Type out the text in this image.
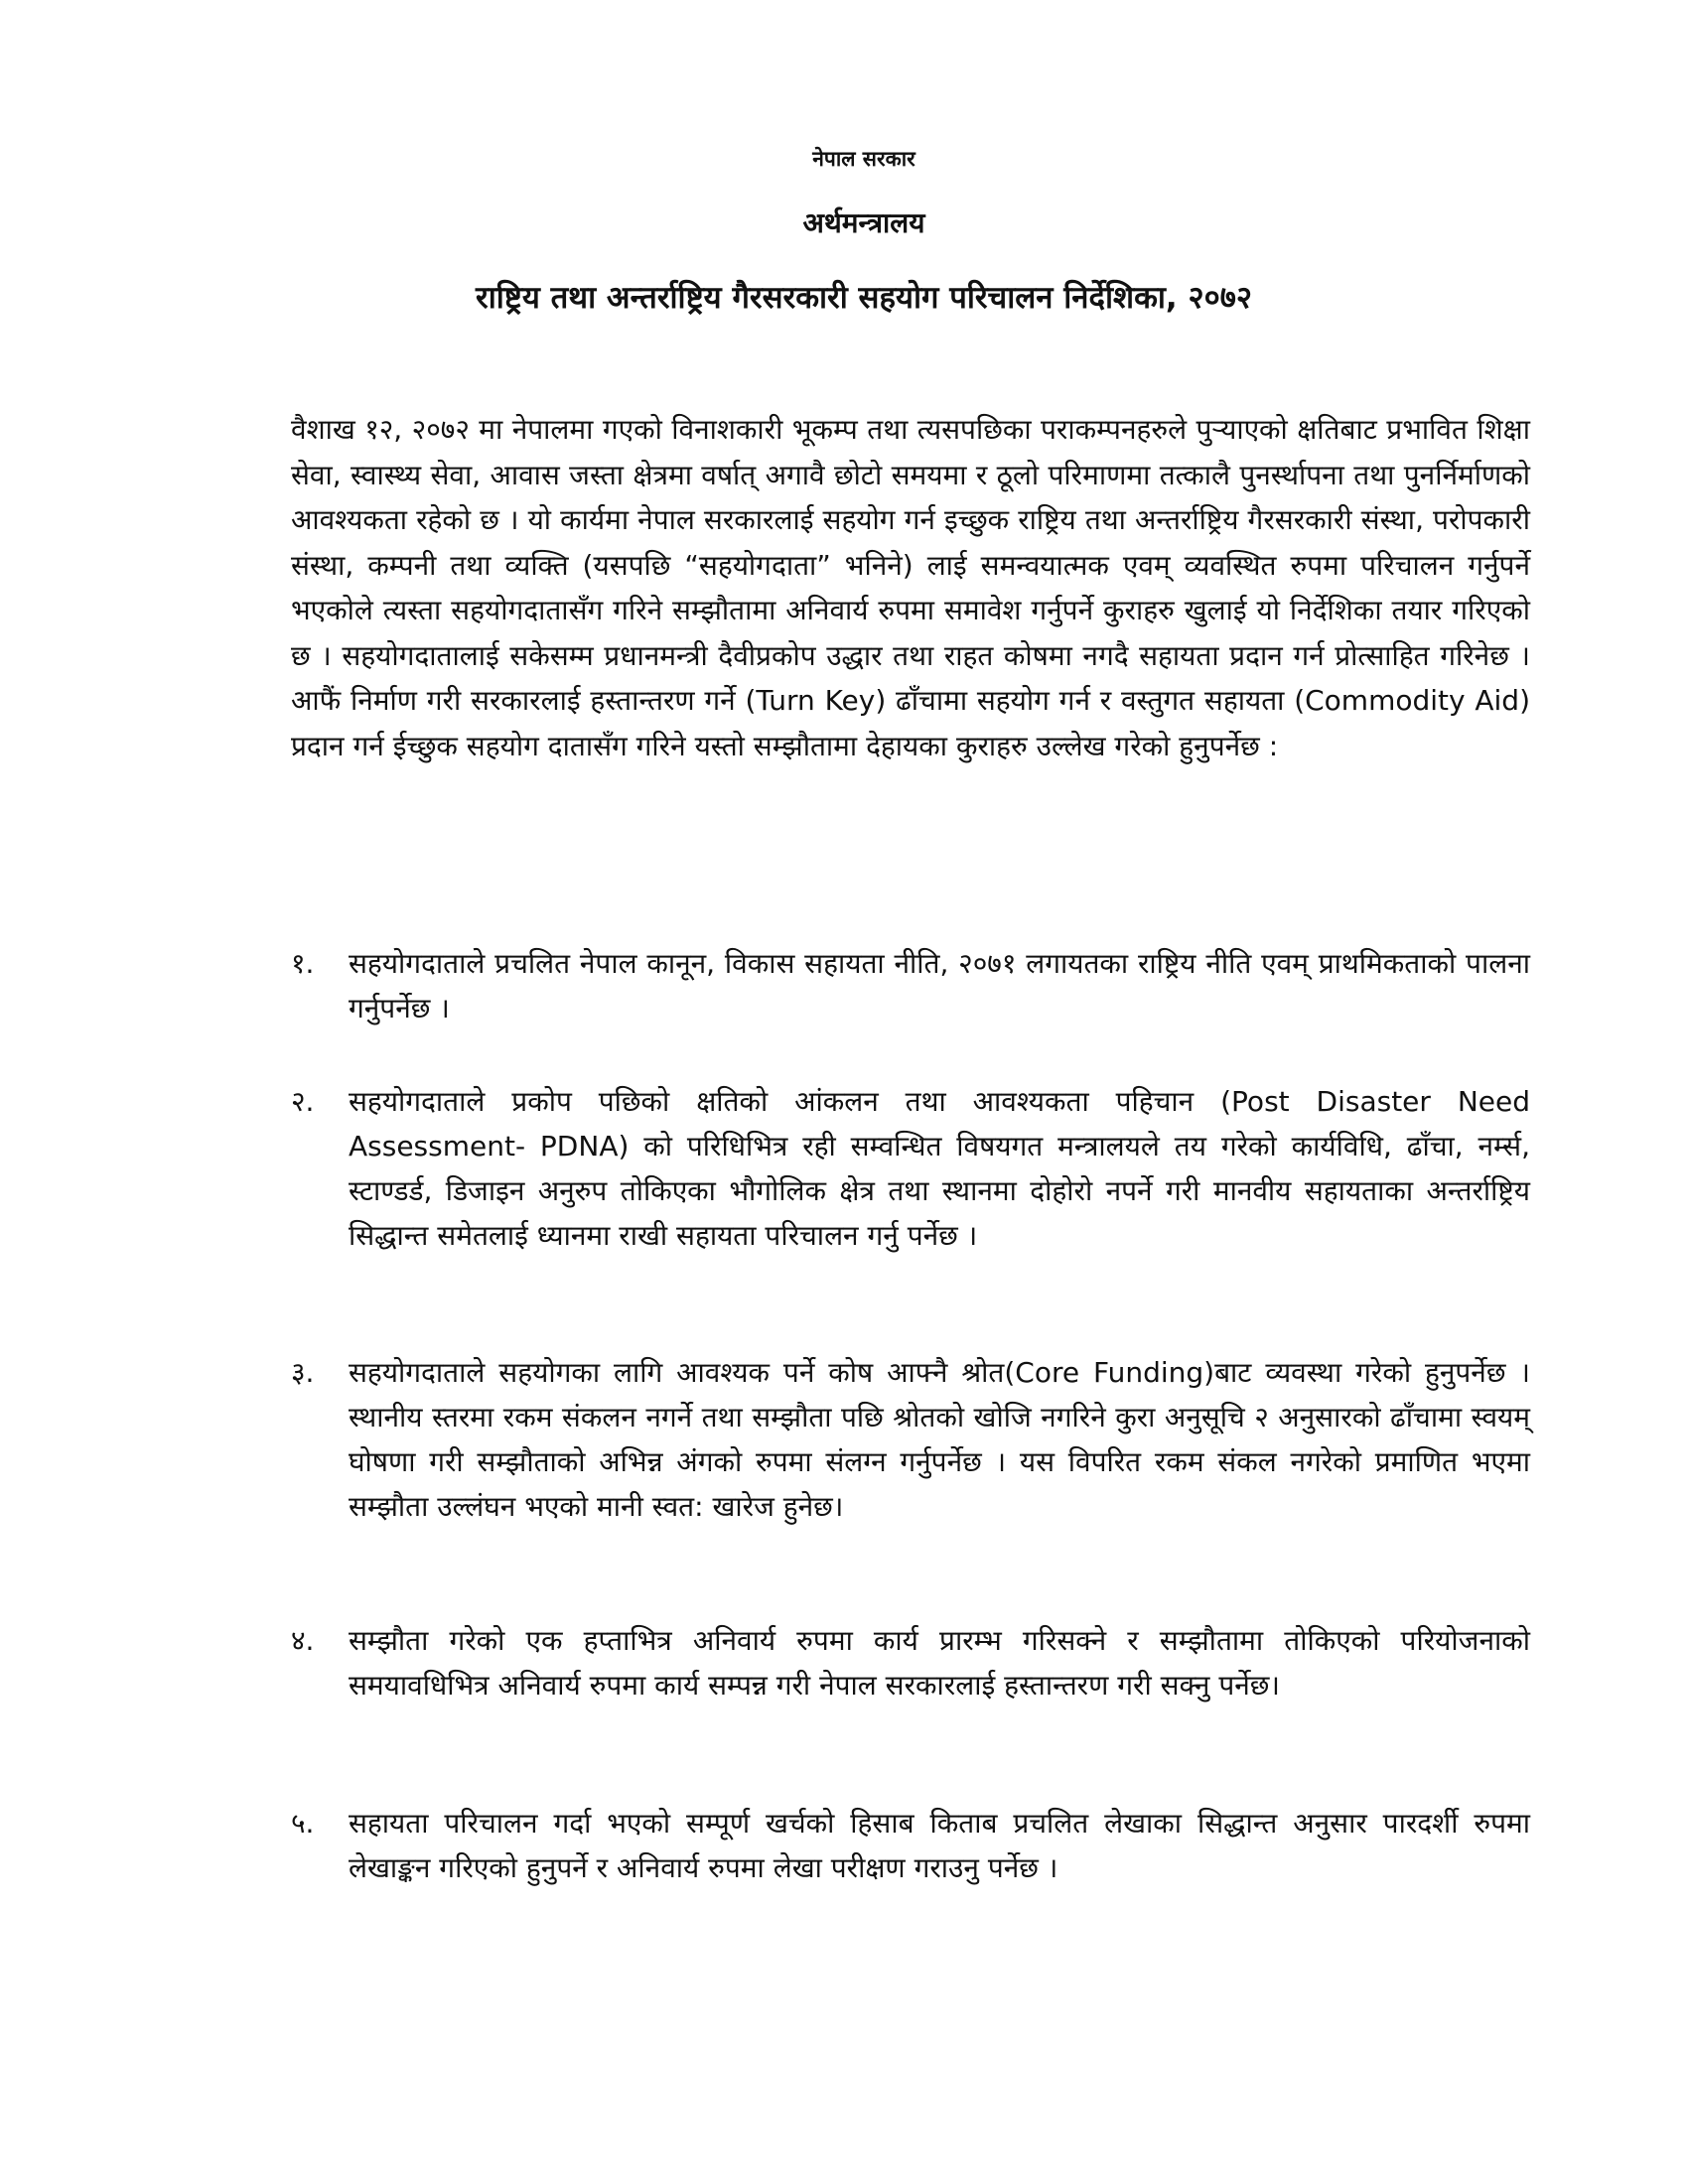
नेपाल सरकार
अर्थमन्त्रालय
राष्ट्रिय तथा अन्तर्राष्ट्रिय गैरसरकारी सहयोग परिचालन निर्देशिका, २०७२
वैशाख १२, २०७२ मा नेपालमा गएको विनाशकारी भूकम्प तथा त्यसपछिका पराकम्पनहरुले पुऱ्याएको क्षतिबाट प्रभावित शिक्षा सेवा, स्वास्थ्य सेवा, आवास जस्ता क्षेत्रमा वर्षात् अगावै छोटो समयमा र ठूलो परिमाणमा तत्कालै पुनर्स्थापना तथा पुनर्निर्माणको आवश्यकता रहेको छ । यो कार्यमा नेपाल सरकारलाई सहयोग गर्न इच्छुक राष्ट्रिय तथा अन्तर्राष्ट्रिय गैरसरकारी संस्था, परोपकारी संस्था, कम्पनी तथा व्यक्ति (यसपछि “सहयोगदाता” भनिने) लाई समन्वयात्मक एवम् व्यवस्थित रुपमा परिचालन गर्नुपर्ने भएकोले त्यस्ता सहयोगदातासँग गरिने सम्झौतामा अनिवार्य रुपमा समावेश गर्नुपर्ने कुराहरु खुलाई यो निर्देशिका तयार गरिएको छ । सहयोगदातालाई सकेसम्म प्रधानमन्त्री दैवीप्रकोप उद्धार तथा राहत कोषमा नगदै सहायता प्रदान गर्न प्रोत्साहित गरिनेछ । आफैं निर्माण गरी सरकारलाई हस्तान्तरण गर्ने (Turn Key) ढाँचामा सहयोग गर्न र वस्तुगत सहायता (Commodity Aid) प्रदान गर्न ईच्छुक सहयोग दातासँग गरिने यस्तो सम्झौतामा देहायका कुराहरु उल्लेख गरेको हुनुपर्नेछ :
१.	सहयोगदाताले प्रचलित नेपाल कानून, विकास सहायता नीति, २०७१ लगायतका राष्ट्रिय नीति एवम् प्राथमिकताको पालना गर्नुपर्नेछ ।
२.	सहयोगदाताले प्रकोप पछिको क्षतिको आंकलन तथा आवश्यकता पहिचान (Post Disaster Need Assessment- PDNA) को परिधिभित्र रही सम्वन्धित विषयगत मन्त्रालयले तय गरेको कार्यविधि, ढाँचा, नर्म्स, स्टाण्डर्ड, डिजाइन अनुरुप तोकिएका भौगोलिक क्षेत्र तथा स्थानमा दोहोरो नपर्ने गरी मानवीय सहायताका अन्तर्राष्ट्रिय सिद्धान्त समेतलाई ध्यानमा राखी सहायता परिचालन गर्नु पर्नेछ ।
३.	सहयोगदाताले सहयोगका लागि आवश्यक पर्ने कोष आफ्नै श्रोत(Core Funding)बाट व्यवस्था गरेको हुनुपर्नेछ । स्थानीय स्तरमा रकम संकलन नगर्ने तथा सम्झौता पछि श्रोतको खोजि नगरिने कुरा अनुसूचि २ अनुसारको ढाँचामा स्वयम् घोषणा गरी सम्झौताको अभिन्न अंगको रुपमा संलग्न गर्नुपर्नेछ । यस विपरित रकम संकल नगरेको प्रमाणित भएमा सम्झौता उल्लंघन भएको मानी स्वत: खारेज हुनेछ।
४.	सम्झौता गरेको एक हप्ताभित्र अनिवार्य रुपमा कार्य प्रारम्भ गरिसक्ने र सम्झौतामा तोकिएको परियोजनाको समयावधिभित्र अनिवार्य रुपमा कार्य सम्पन्न गरी नेपाल सरकारलाई हस्तान्तरण गरी सक्नु पर्नेछ।
५.	सहायता परिचालन गर्दा भएको सम्पूर्ण खर्चको हिसाब किताब प्रचलित लेखाका सिद्धान्त अनुसार पारदर्शी रुपमा लेखाङ्कन गरिएको हुनुपर्ने र अनिवार्य रुपमा लेखा परीक्षण गराउनु पर्नेछ ।
